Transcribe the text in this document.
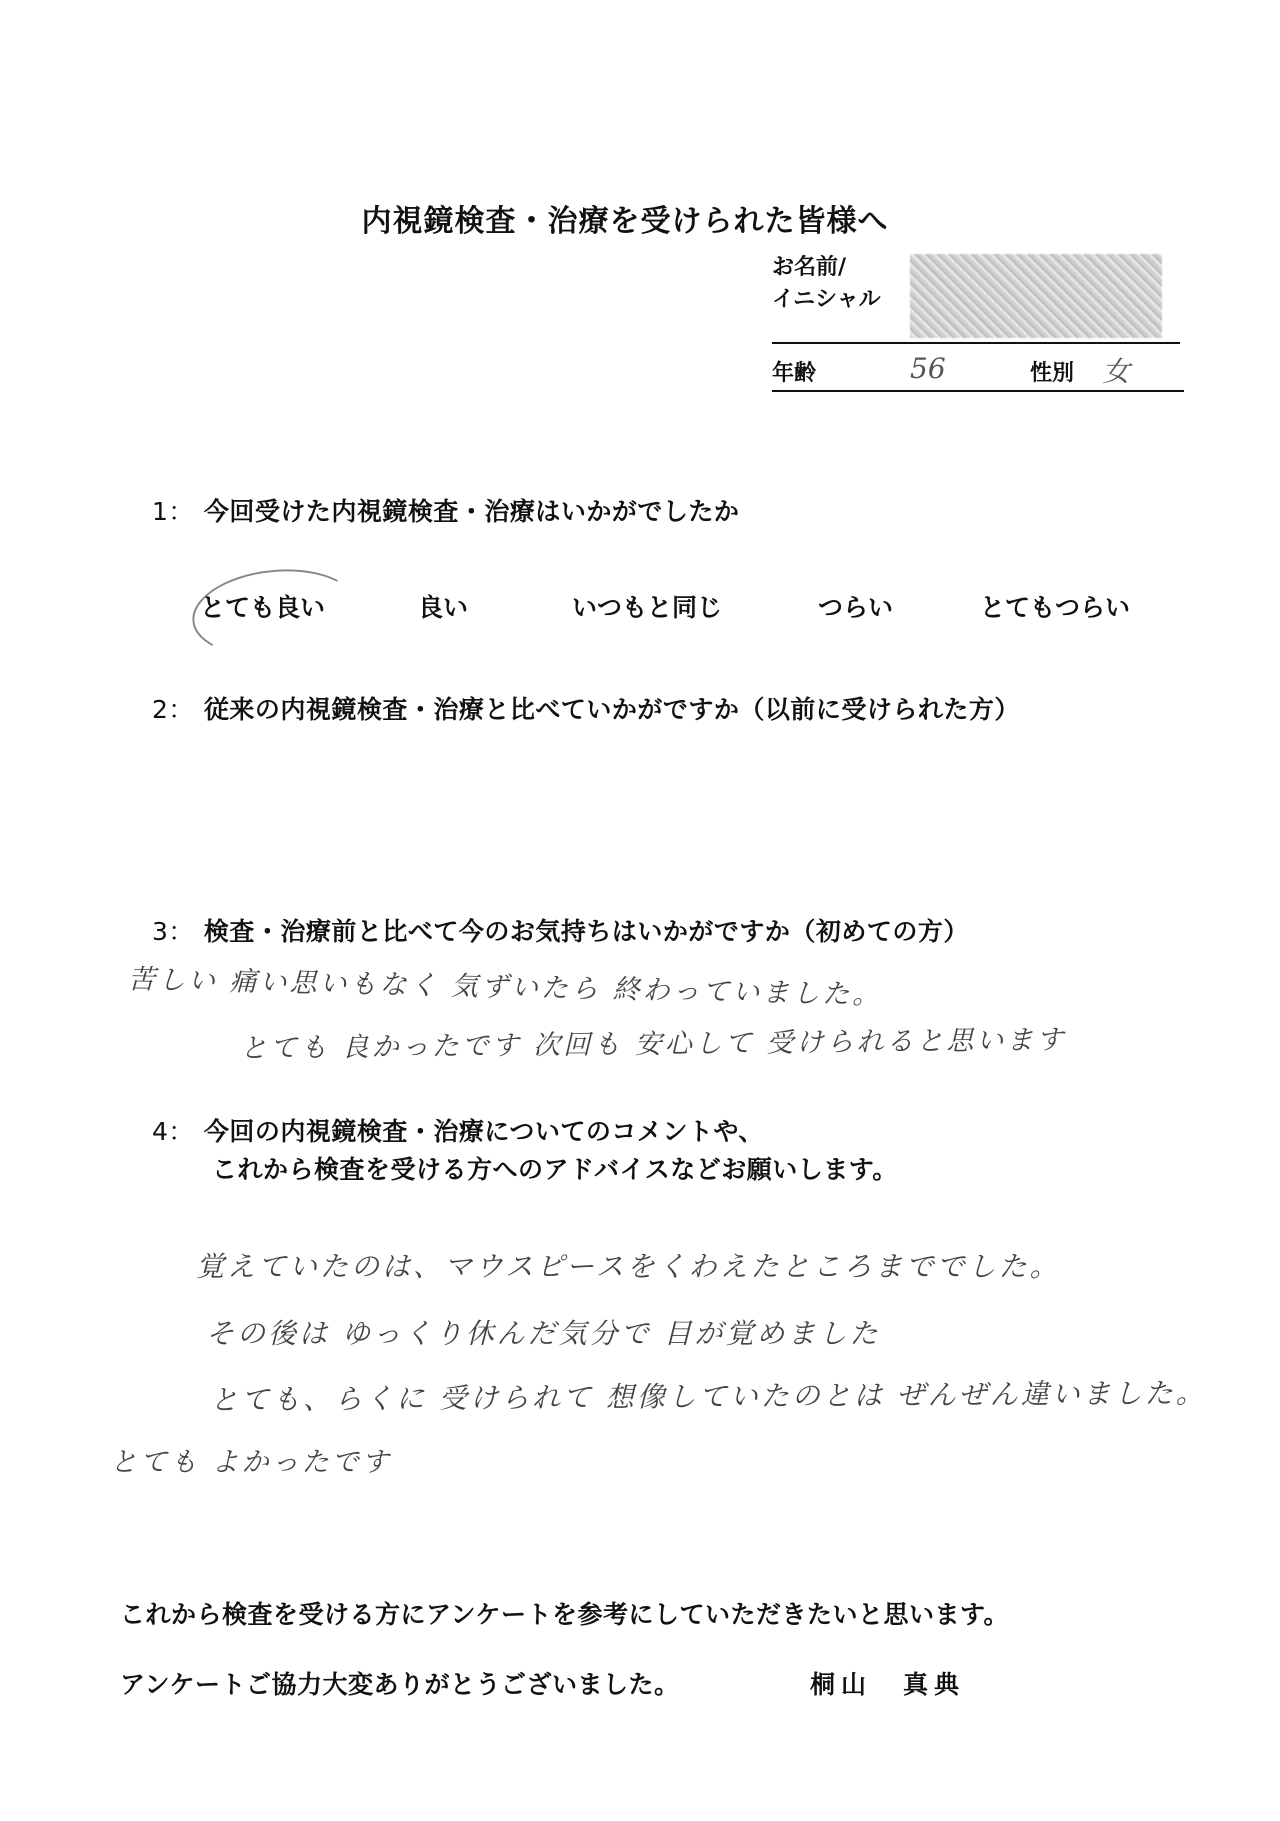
内視鏡検査・治療を受けられた皆様へ
お名前/
イニシャル
年齢	56	性別 女
1： 今回受けた内視鏡検査・治療はいかがでしたか
とても良い	良い	いつもと同じ	つらい	とてもつらい
2： 従来の内視鏡検査・治療と比べていかがですか（以前に受けられた方）
3： 検査・治療前と比べて今のお気持ちはいかがですか（初めての方）
苦しい 痛い思いもなく 気ずいたら 終わっていました。
とても 良かったです 次回も 安心して 受けられると思います
4： 今回の内視鏡検査・治療についてのコメントや、
これから検査を受ける方へのアドバイスなどお願いします。
覚えていたのは、マウスピースをくわえたところまででした。
その後は ゆっくり休んだ気分で 目が覚めました
とても、らくに 受けられて 想像していたのとは ぜんぜん違いました。
とても よかったです
これから検査を受ける方にアンケートを参考にしていただきたいと思います。
アンケートご協力大変ありがとうございました。	桐山　真典
